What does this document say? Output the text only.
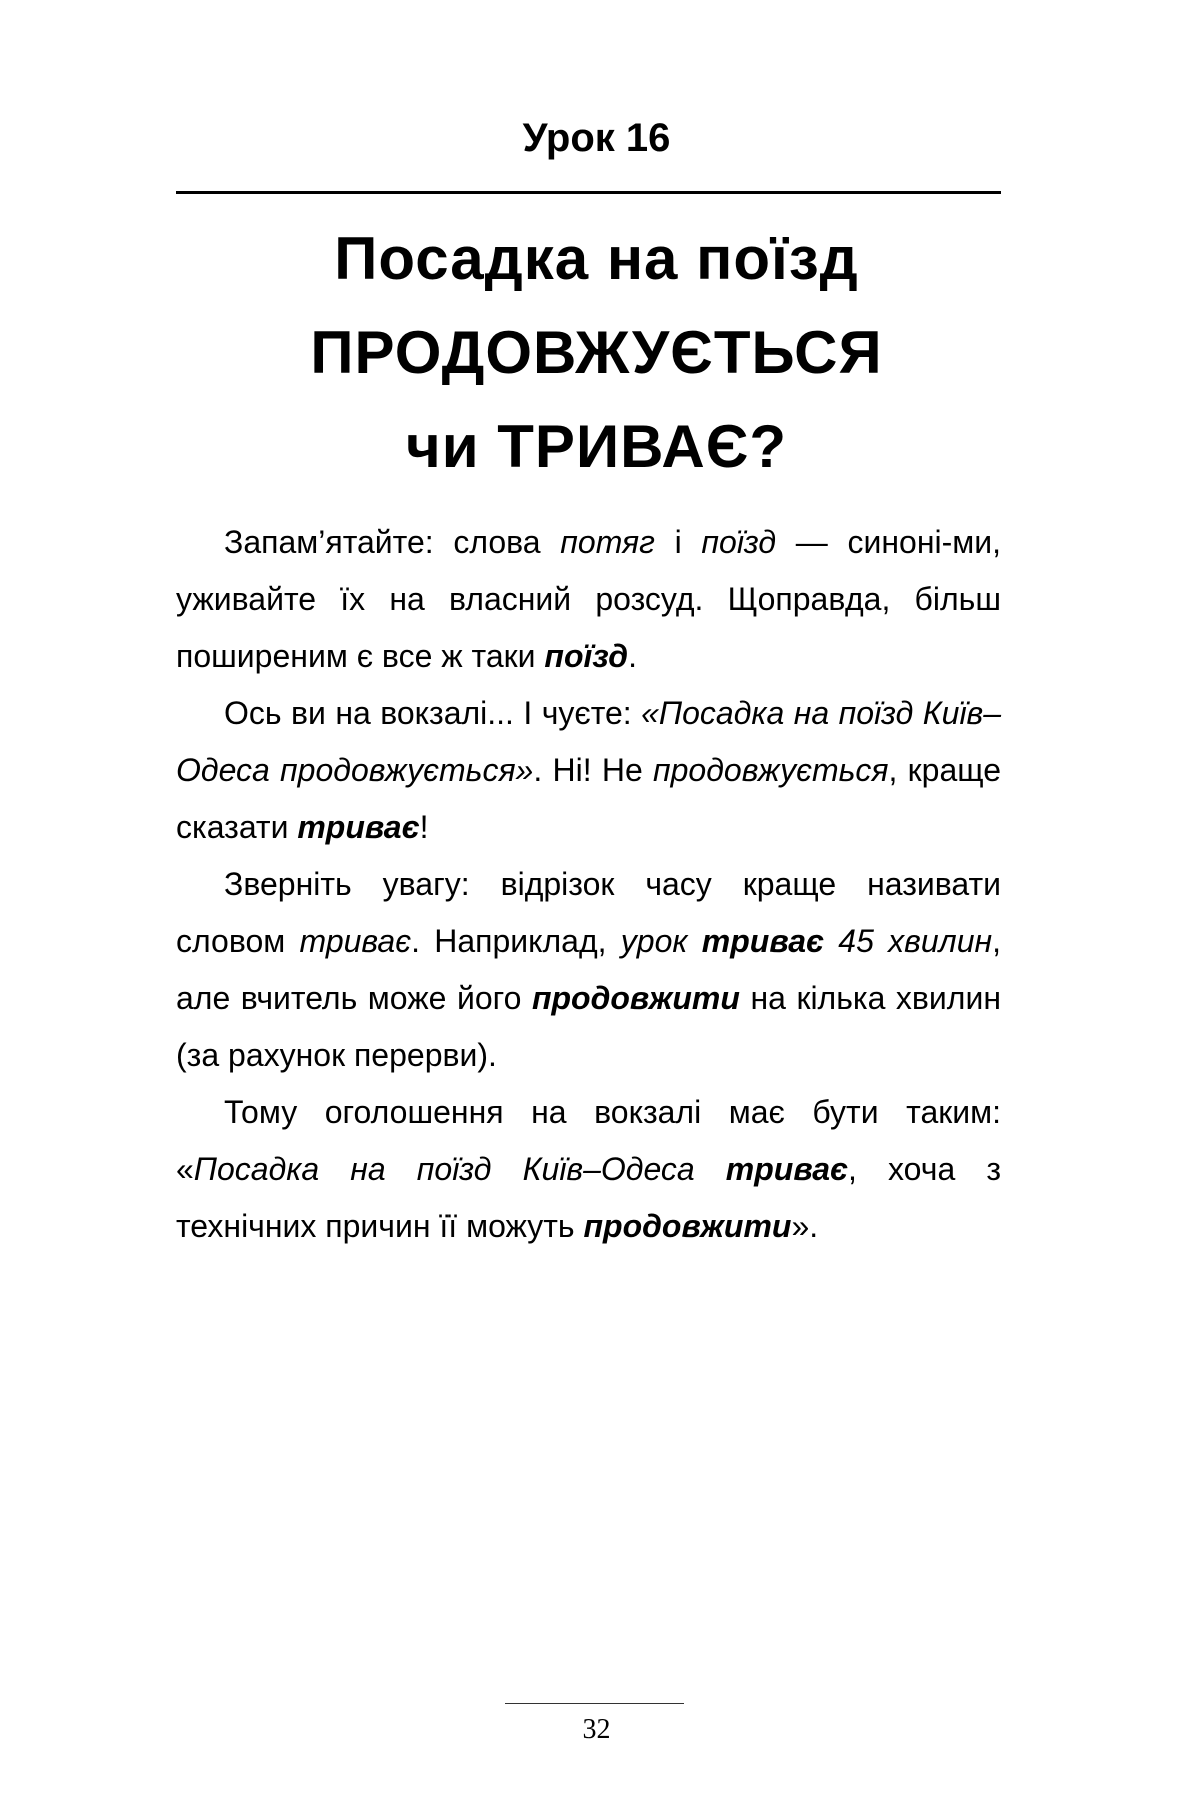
Урок 16
Посадка на поїзд
ПРОДОВЖУЄТЬСЯ
чи ТРИВАЄ?

Запам’ятайте: слова потяг і поїзд — синоні-ми, уживайте їх на власний розсуд. Щоправда, більш поширеним є все ж таки поїзд.

Ось ви на вокзалі... І чуєте: «Посадка на поїзд Київ–Одеса продовжується». Ні! Не продовжується, краще сказати триває!

Зверніть увагу: відрізок часу краще називати словом триває. Наприклад, урок триває 45 хвилин, але вчитель може його продовжити на кілька хвилин (за рахунок перерви).

Тому оголошення на вокзалі має бути таким: «Посадка на поїзд Київ–Одеса триває, хоча з технічних причин її можуть продовжити».

32
